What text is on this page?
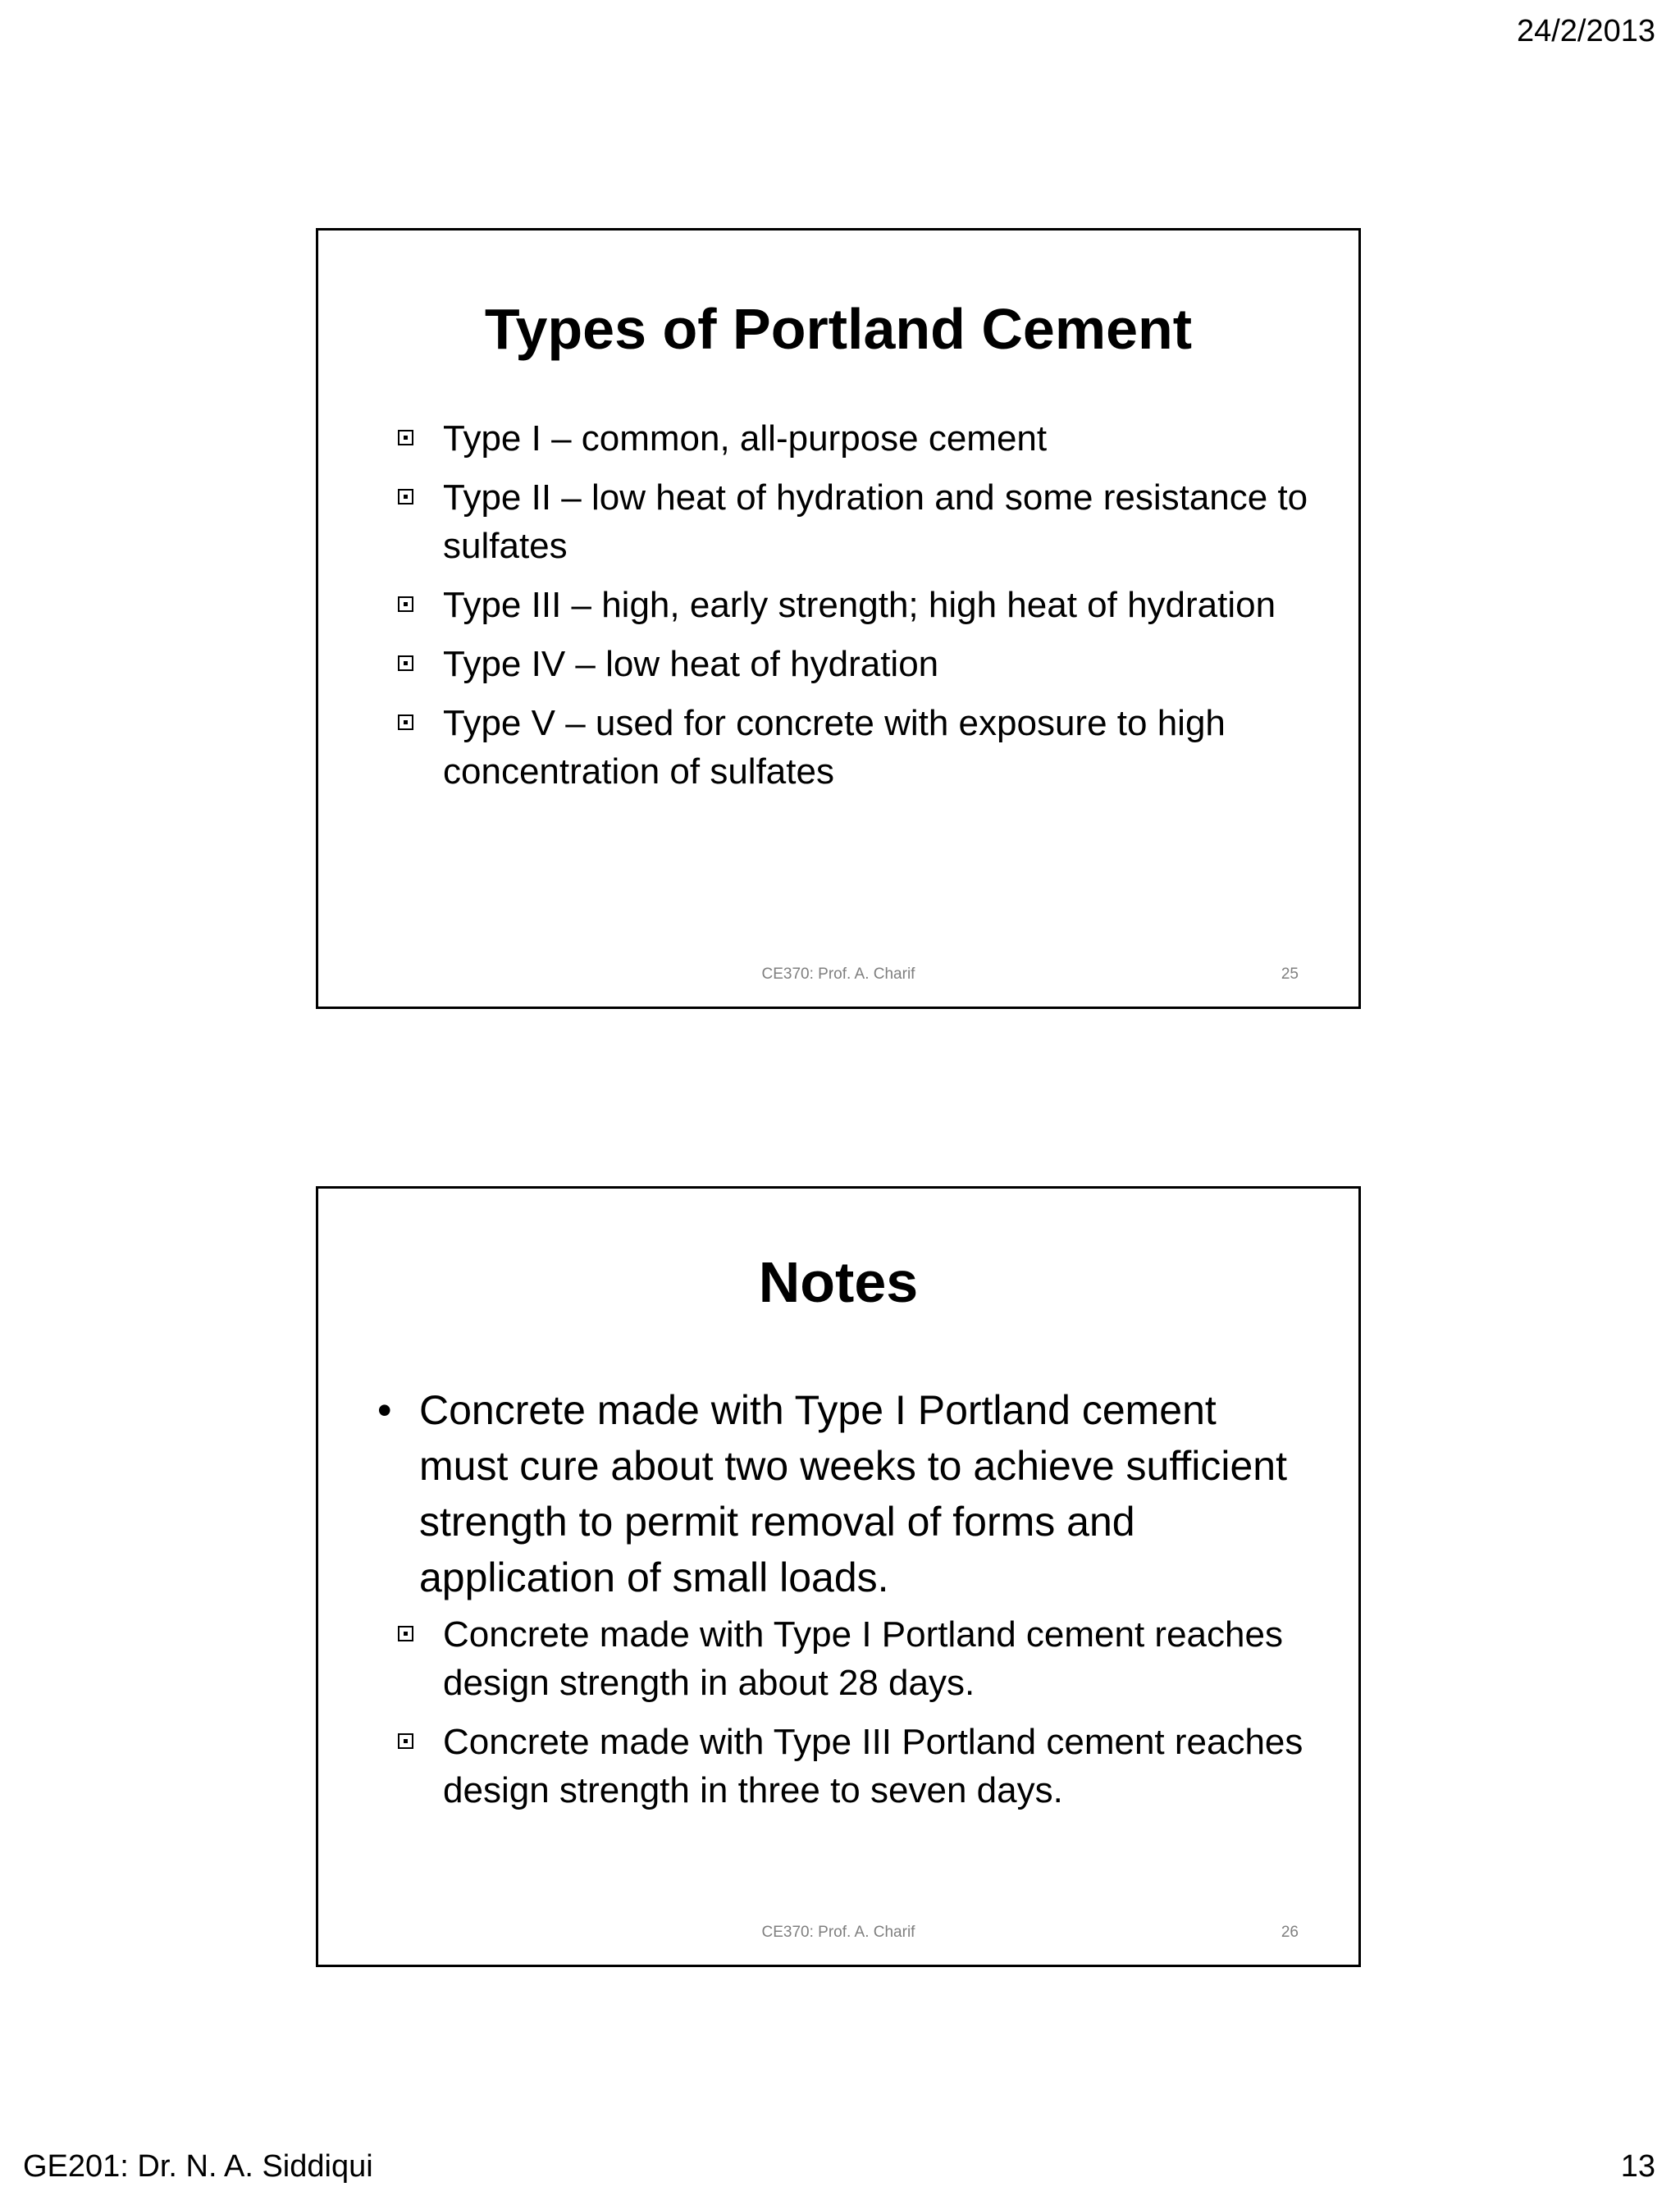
24/2/2013
Types of Portland Cement
Type I – common, all-purpose cement
Type II – low heat of hydration and some resistance to sulfates
Type III – high, early strength; high heat of hydration
Type IV – low heat of hydration
Type V – used for concrete with exposure to high concentration of sulfates
CE370: Prof. A. Charif	25
Notes
• Concrete made with Type I Portland cement must cure about two weeks to achieve sufficient strength to permit removal of forms and application of small loads.
Concrete made with Type I Portland cement reaches design strength in about 28 days.
Concrete made with Type III Portland cement reaches design strength in three to seven days.
CE370: Prof. A. Charif	26
GE201: Dr. N. A. Siddiqui	13
